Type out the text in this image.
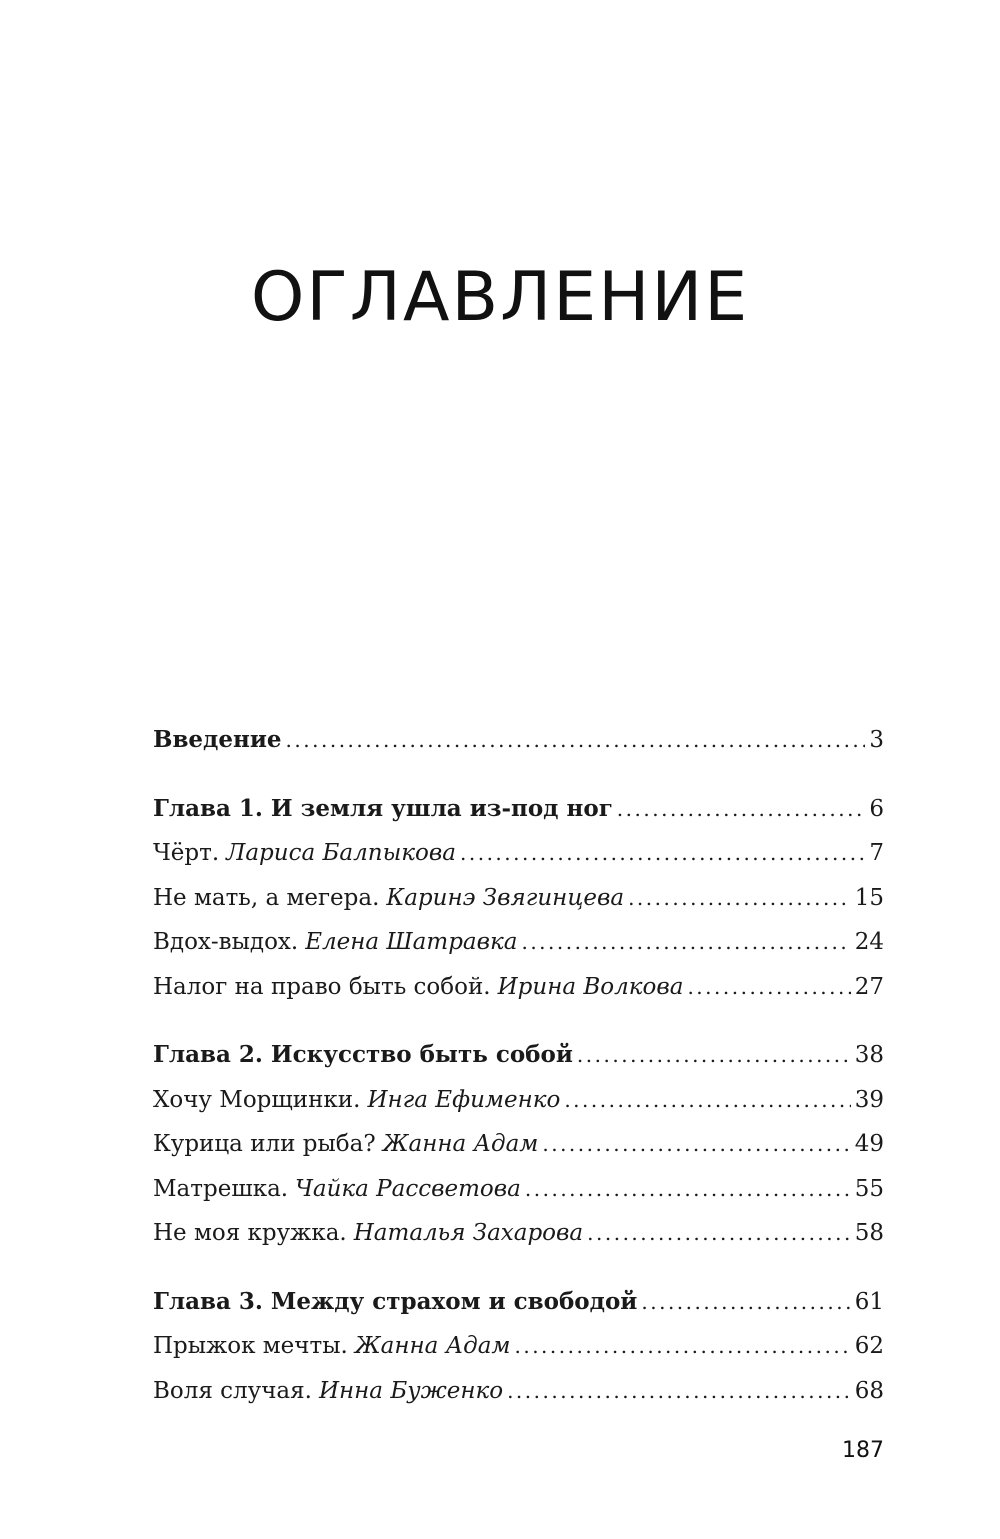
ОГЛАВЛЕНИЕ
Введение .....	3
Глава 1. И земля ушла из-под ног .....	6
Чёрт. Лариса Балпыкова .....	7
Не мать, а мегера. Каринэ Звягинцева .....	15
Вдох-выдох. Елена Шатравка .....	24
Налог на право быть собой. Ирина Волкова .....	27
Глава 2. Искусство быть собой .....	38
Хочу Морщинки. Инга Ефименко .....	39
Курица или рыба? Жанна Адам .....	49
Матрешка. Чайка Рассветова .....	55
Не моя кружка. Наталья Захарова .....	58
Глава 3. Между страхом и свободой .....	61
Прыжок мечты. Жанна Адам .....	62
Воля случая. Инна Буженко .....	68
187
